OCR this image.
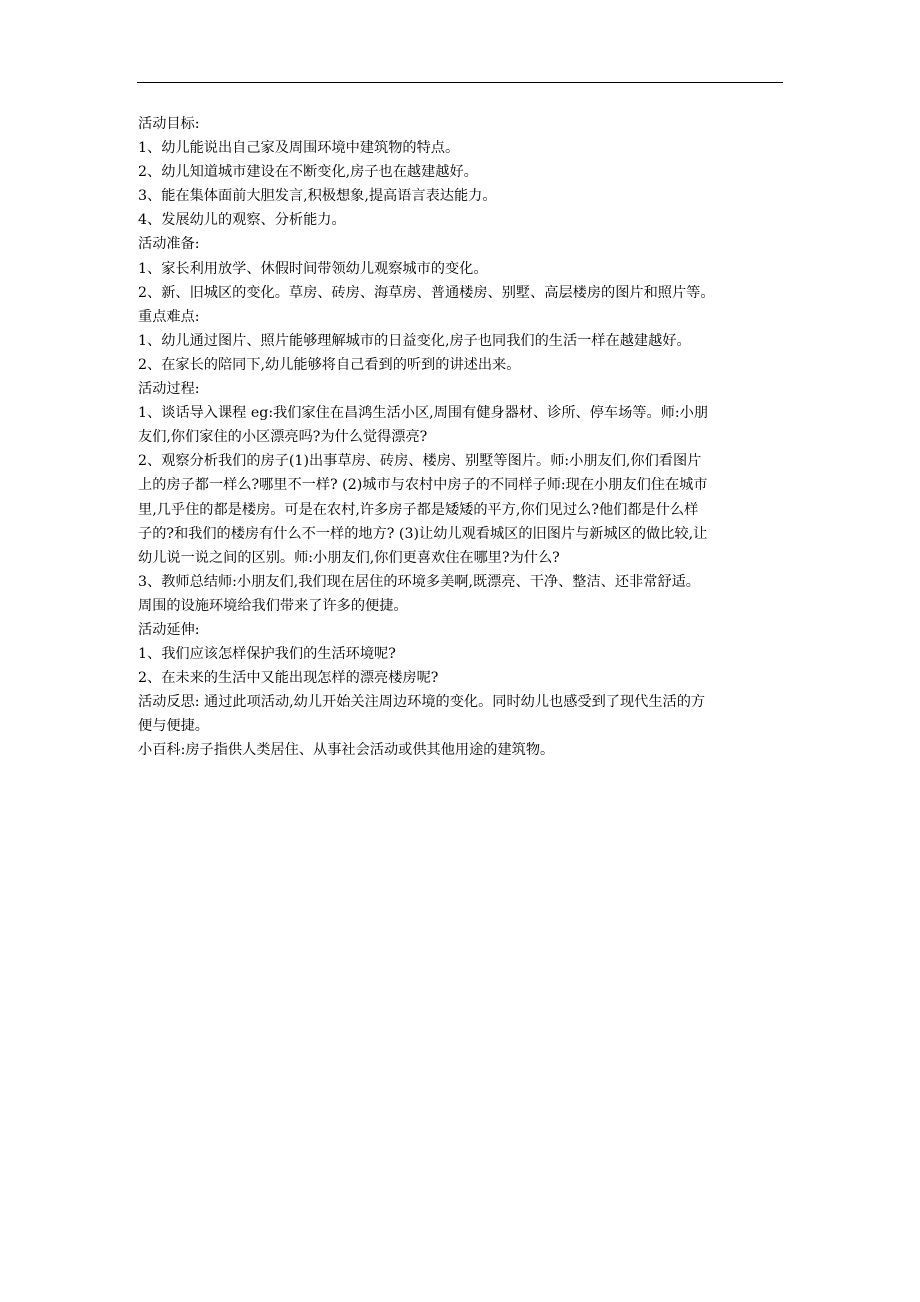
活动目标:

1、幼儿能说出自己家及周围环境中建筑物的特点。

2、幼儿知道城市建设在不断变化,房子也在越建越好。

3、能在集体面前大胆发言,积极想象,提高语言表达能力。

4、发展幼儿的观察、分析能力。

活动准备:

1、家长利用放学、休假时间带领幼儿观察城市的变化。

2、新、旧城区的变化。草房、砖房、海草房、普通楼房、别墅、高层楼房的图片和照片等。

重点难点:

1、幼儿通过图片、照片能够理解城市的日益变化,房子也同我们的生活一样在越建越好。

2、在家长的陪同下,幼儿能够将自己看到的听到的讲述出来。

活动过程:

1、谈话导入课程 eg:我们家住在昌鸿生活小区,周围有健身器材、诊所、停车场等。师:小朋

友们,你们家住的小区漂亮吗?为什么觉得漂亮?

2、观察分析我们的房子(1)出事草房、砖房、楼房、别墅等图片。师:小朋友们,你们看图片

上的房子都一样么?哪里不一样? (2)城市与农村中房子的不同样子师:现在小朋友们住在城市

里,几乎住的都是楼房。可是在农村,许多房子都是矮矮的平方,你们见过么?他们都是什么样

子的?和我们的楼房有什么不一样的地方? (3)让幼儿观看城区的旧图片与新城区的做比较,让

幼儿说一说之间的区别。师:小朋友们,你们更喜欢住在哪里?为什么?

3、教师总结师:小朋友们,我们现在居住的环境多美啊,既漂亮、干净、整洁、还非常舒适。

周围的设施环境给我们带来了许多的便捷。

活动延伸:

1、我们应该怎样保护我们的生活环境呢?

2、在未来的生活中又能出现怎样的漂亮楼房呢?

活动反思: 通过此项活动,幼儿开始关注周边环境的变化。同时幼儿也感受到了现代生活的方

便与便捷。

小百科:房子指供人类居住、从事社会活动或供其他用途的建筑物。
